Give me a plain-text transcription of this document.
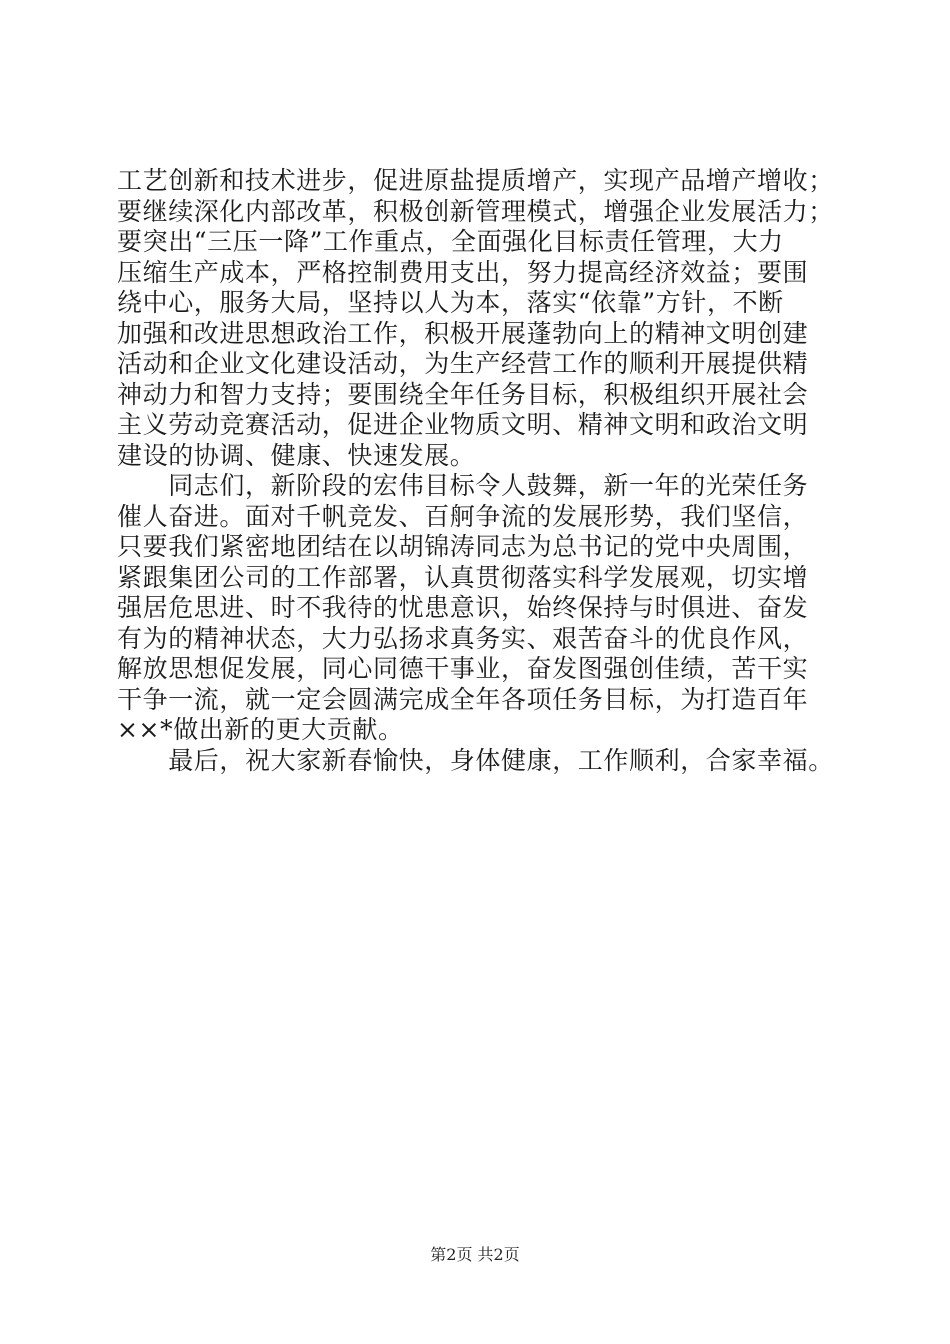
工艺创新和技术进步，促进原盐提质增产，实现产品增产增收；
要继续深化内部改革，积极创新管理模式，增强企业发展活力；
要突出“三压一降”工作重点，全面强化目标责任管理，大力
压缩生产成本，严格控制费用支出，努力提高经济效益；要围
绕中心，服务大局，坚持以人为本，落实“依靠”方针，不断
加强和改进思想政治工作，积极开展蓬勃向上的精神文明创建
活动和企业文化建设活动，为生产经营工作的顺利开展提供精
神动力和智力支持；要围绕全年任务目标，积极组织开展社会
主义劳动竞赛活动，促进企业物质文明、精神文明和政治文明
建设的协调、健康、快速发展。
　　同志们，新阶段的宏伟目标令人鼓舞，新一年的光荣任务
催人奋进。面对千帆竞发、百舸争流的发展形势，我们坚信，
只要我们紧密地团结在以胡锦涛同志为总书记的党中央周围，
紧跟集团公司的工作部署，认真贯彻落实科学发展观，切实增
强居危思进、时不我待的忧患意识，始终保持与时俱进、奋发
有为的精神状态，大力弘扬求真务实、艰苦奋斗的优良作风，
解放思想促发展，同心同德干事业，奋发图强创佳绩，苦干实
干争一流，就一定会圆满完成全年各项任务目标，为打造百年
××*做出新的更大贡献。
　　最后，祝大家新春愉快，身体健康，工作顺利，合家幸福。
第2页 共2页
